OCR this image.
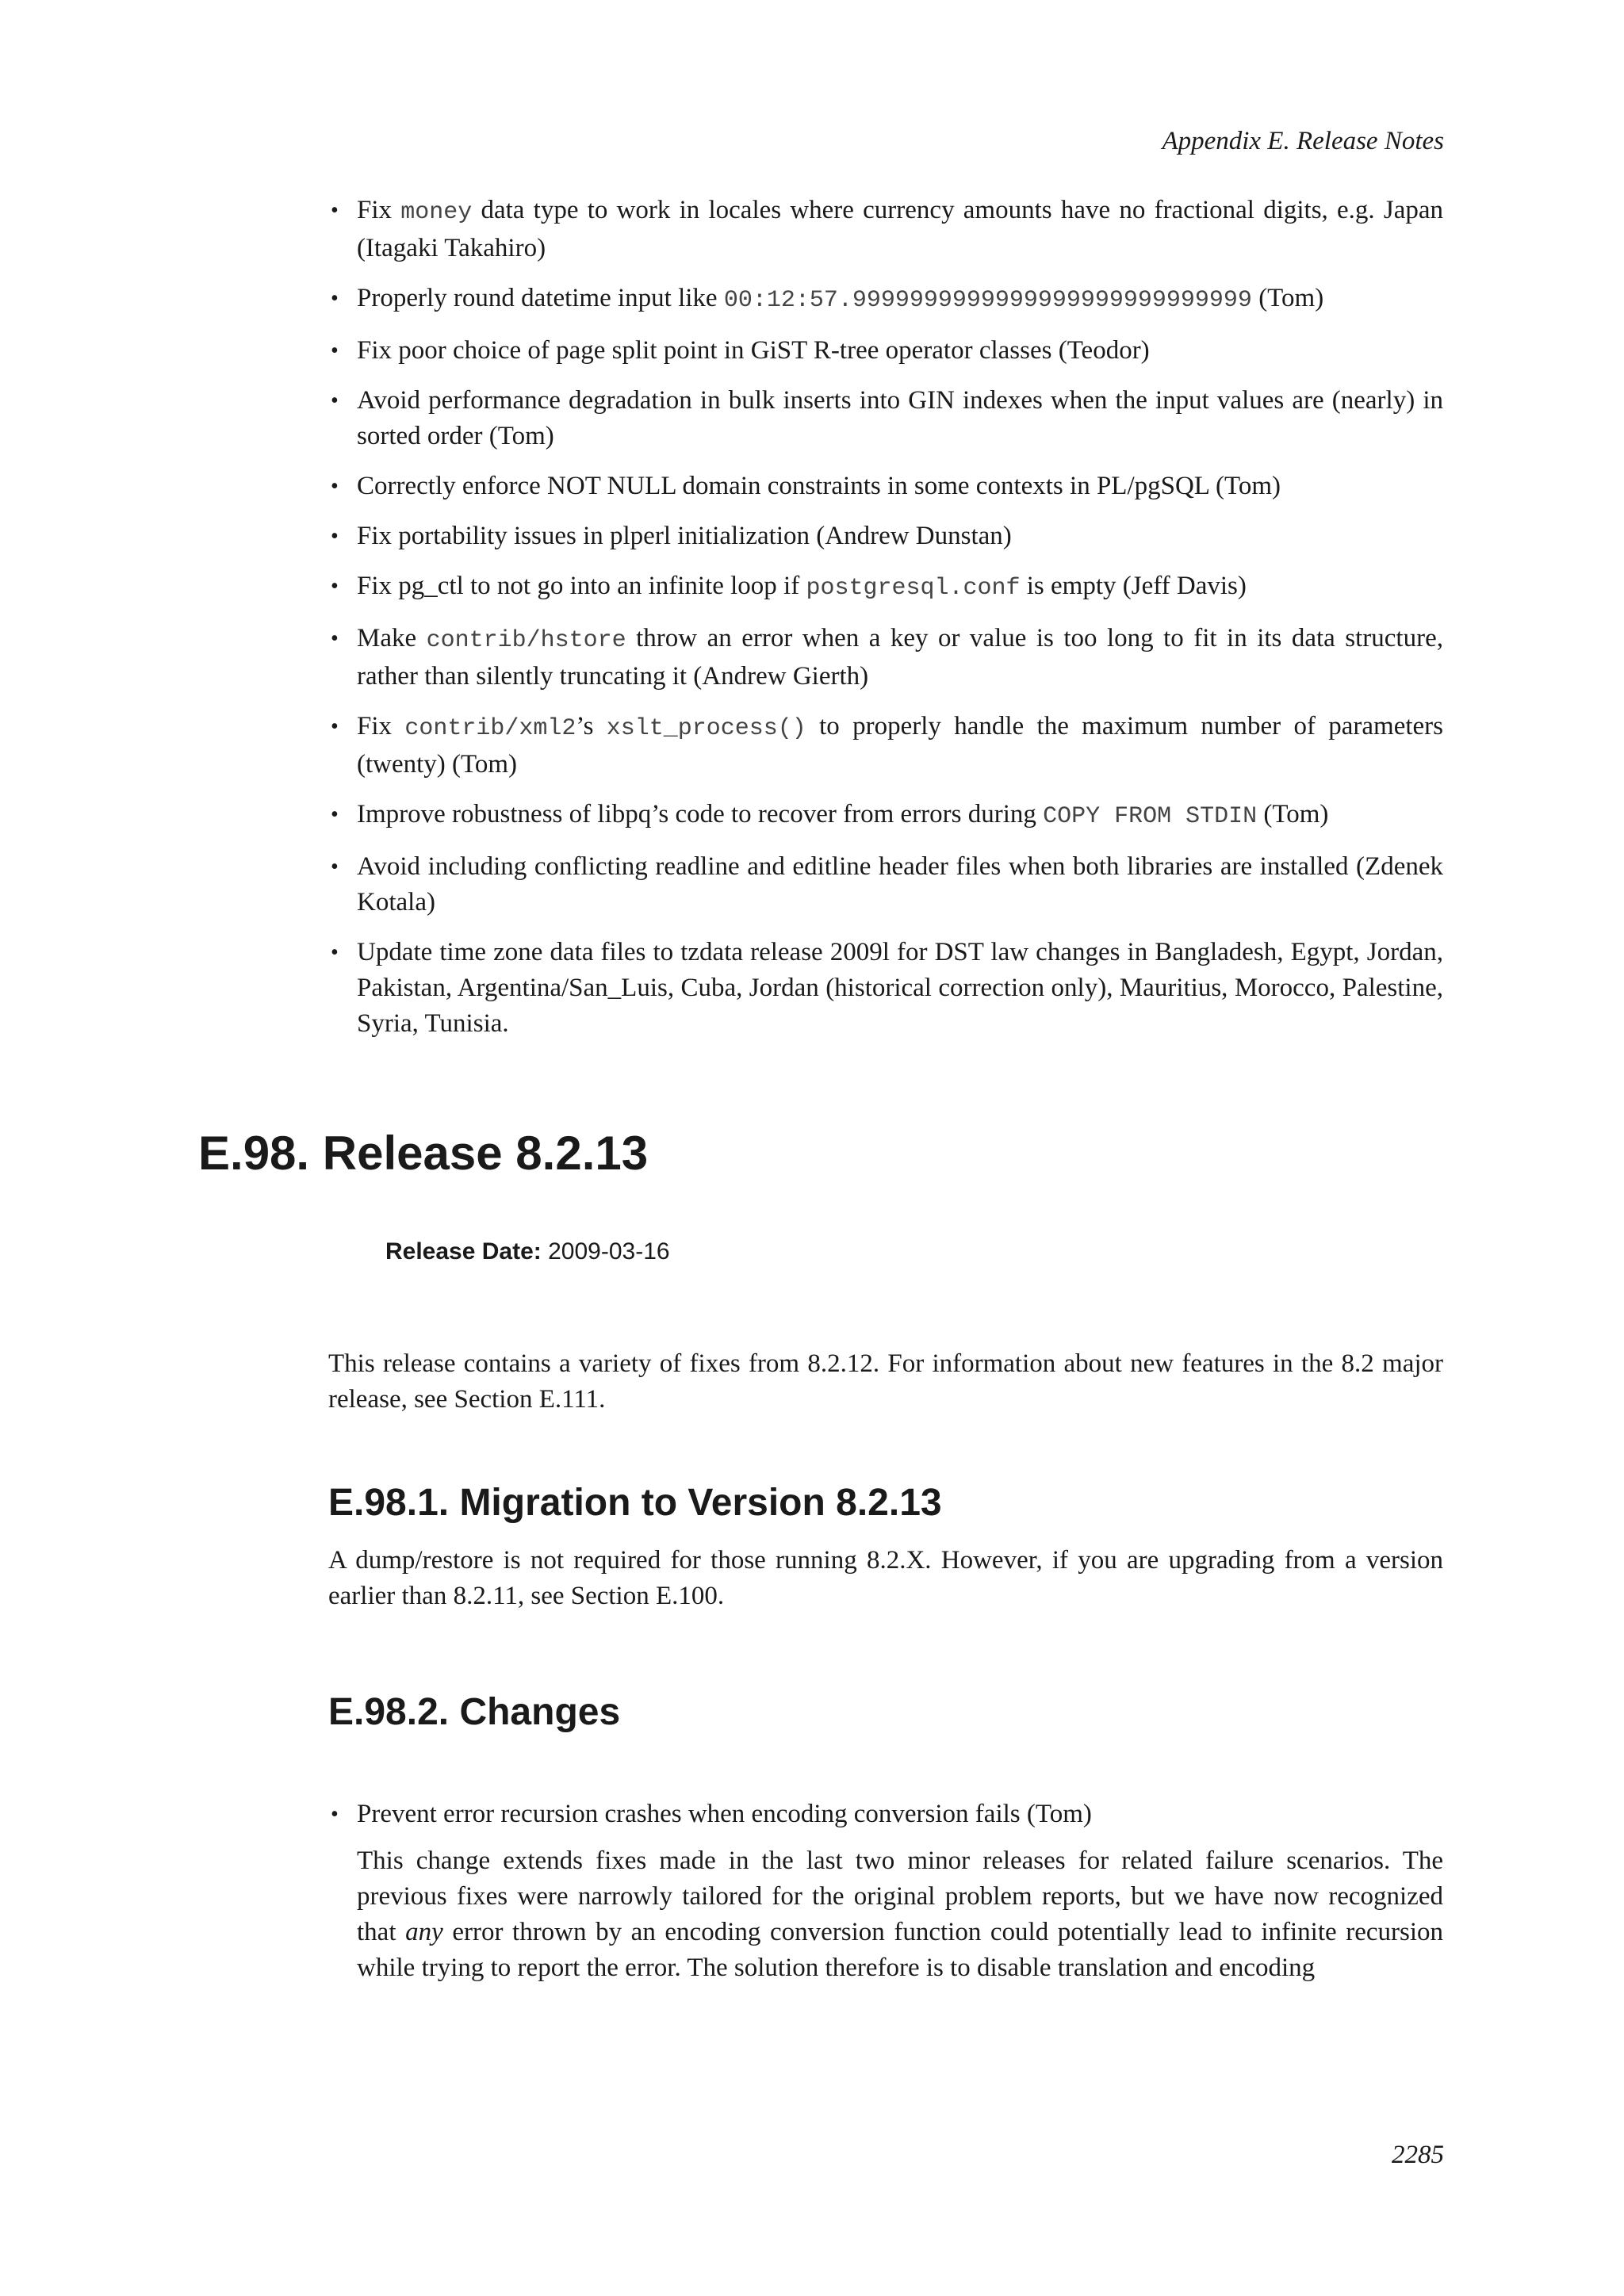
Appendix E. Release Notes
• Fix money data type to work in locales where currency amounts have no fractional digits, e.g. Japan (Itagaki Takahiro)
• Properly round datetime input like 00:12:57.9999999999999999999999999999 (Tom)
• Fix poor choice of page split point in GiST R-tree operator classes (Teodor)
• Avoid performance degradation in bulk inserts into GIN indexes when the input values are (nearly) in sorted order (Tom)
• Correctly enforce NOT NULL domain constraints in some contexts in PL/pgSQL (Tom)
• Fix portability issues in plperl initialization (Andrew Dunstan)
• Fix pg_ctl to not go into an infinite loop if postgresql.conf is empty (Jeff Davis)
• Make contrib/hstore throw an error when a key or value is too long to fit in its data structure, rather than silently truncating it (Andrew Gierth)
• Fix contrib/xml2’s xslt_process() to properly handle the maximum number of parameters (twenty) (Tom)
• Improve robustness of libpq’s code to recover from errors during COPY FROM STDIN (Tom)
• Avoid including conflicting readline and editline header files when both libraries are installed (Zdenek Kotala)
• Update time zone data files to tzdata release 2009l for DST law changes in Bangladesh, Egypt, Jordan, Pakistan, Argentina/San_Luis, Cuba, Jordan (historical correction only), Mauritius, Morocco, Palestine, Syria, Tunisia.
E.98. Release 8.2.13
Release Date: 2009-03-16

This release contains a variety of fixes from 8.2.12. For information about new features in the 8.2 major release, see Section E.111.

E.98.1. Migration to Version 8.2.13

A dump/restore is not required for those running 8.2.X. However, if you are upgrading from a version earlier than 8.2.11, see Section E.100.

E.98.2. Changes
• Prevent error recursion crashes when encoding conversion fails (Tom)
This change extends fixes made in the last two minor releases for related failure scenarios. The previous fixes were narrowly tailored for the original problem reports, but we have now recognized that any error thrown by an encoding conversion function could potentially lead to infinite recursion while trying to report the error. The solution therefore is to disable translation and encoding
2285
